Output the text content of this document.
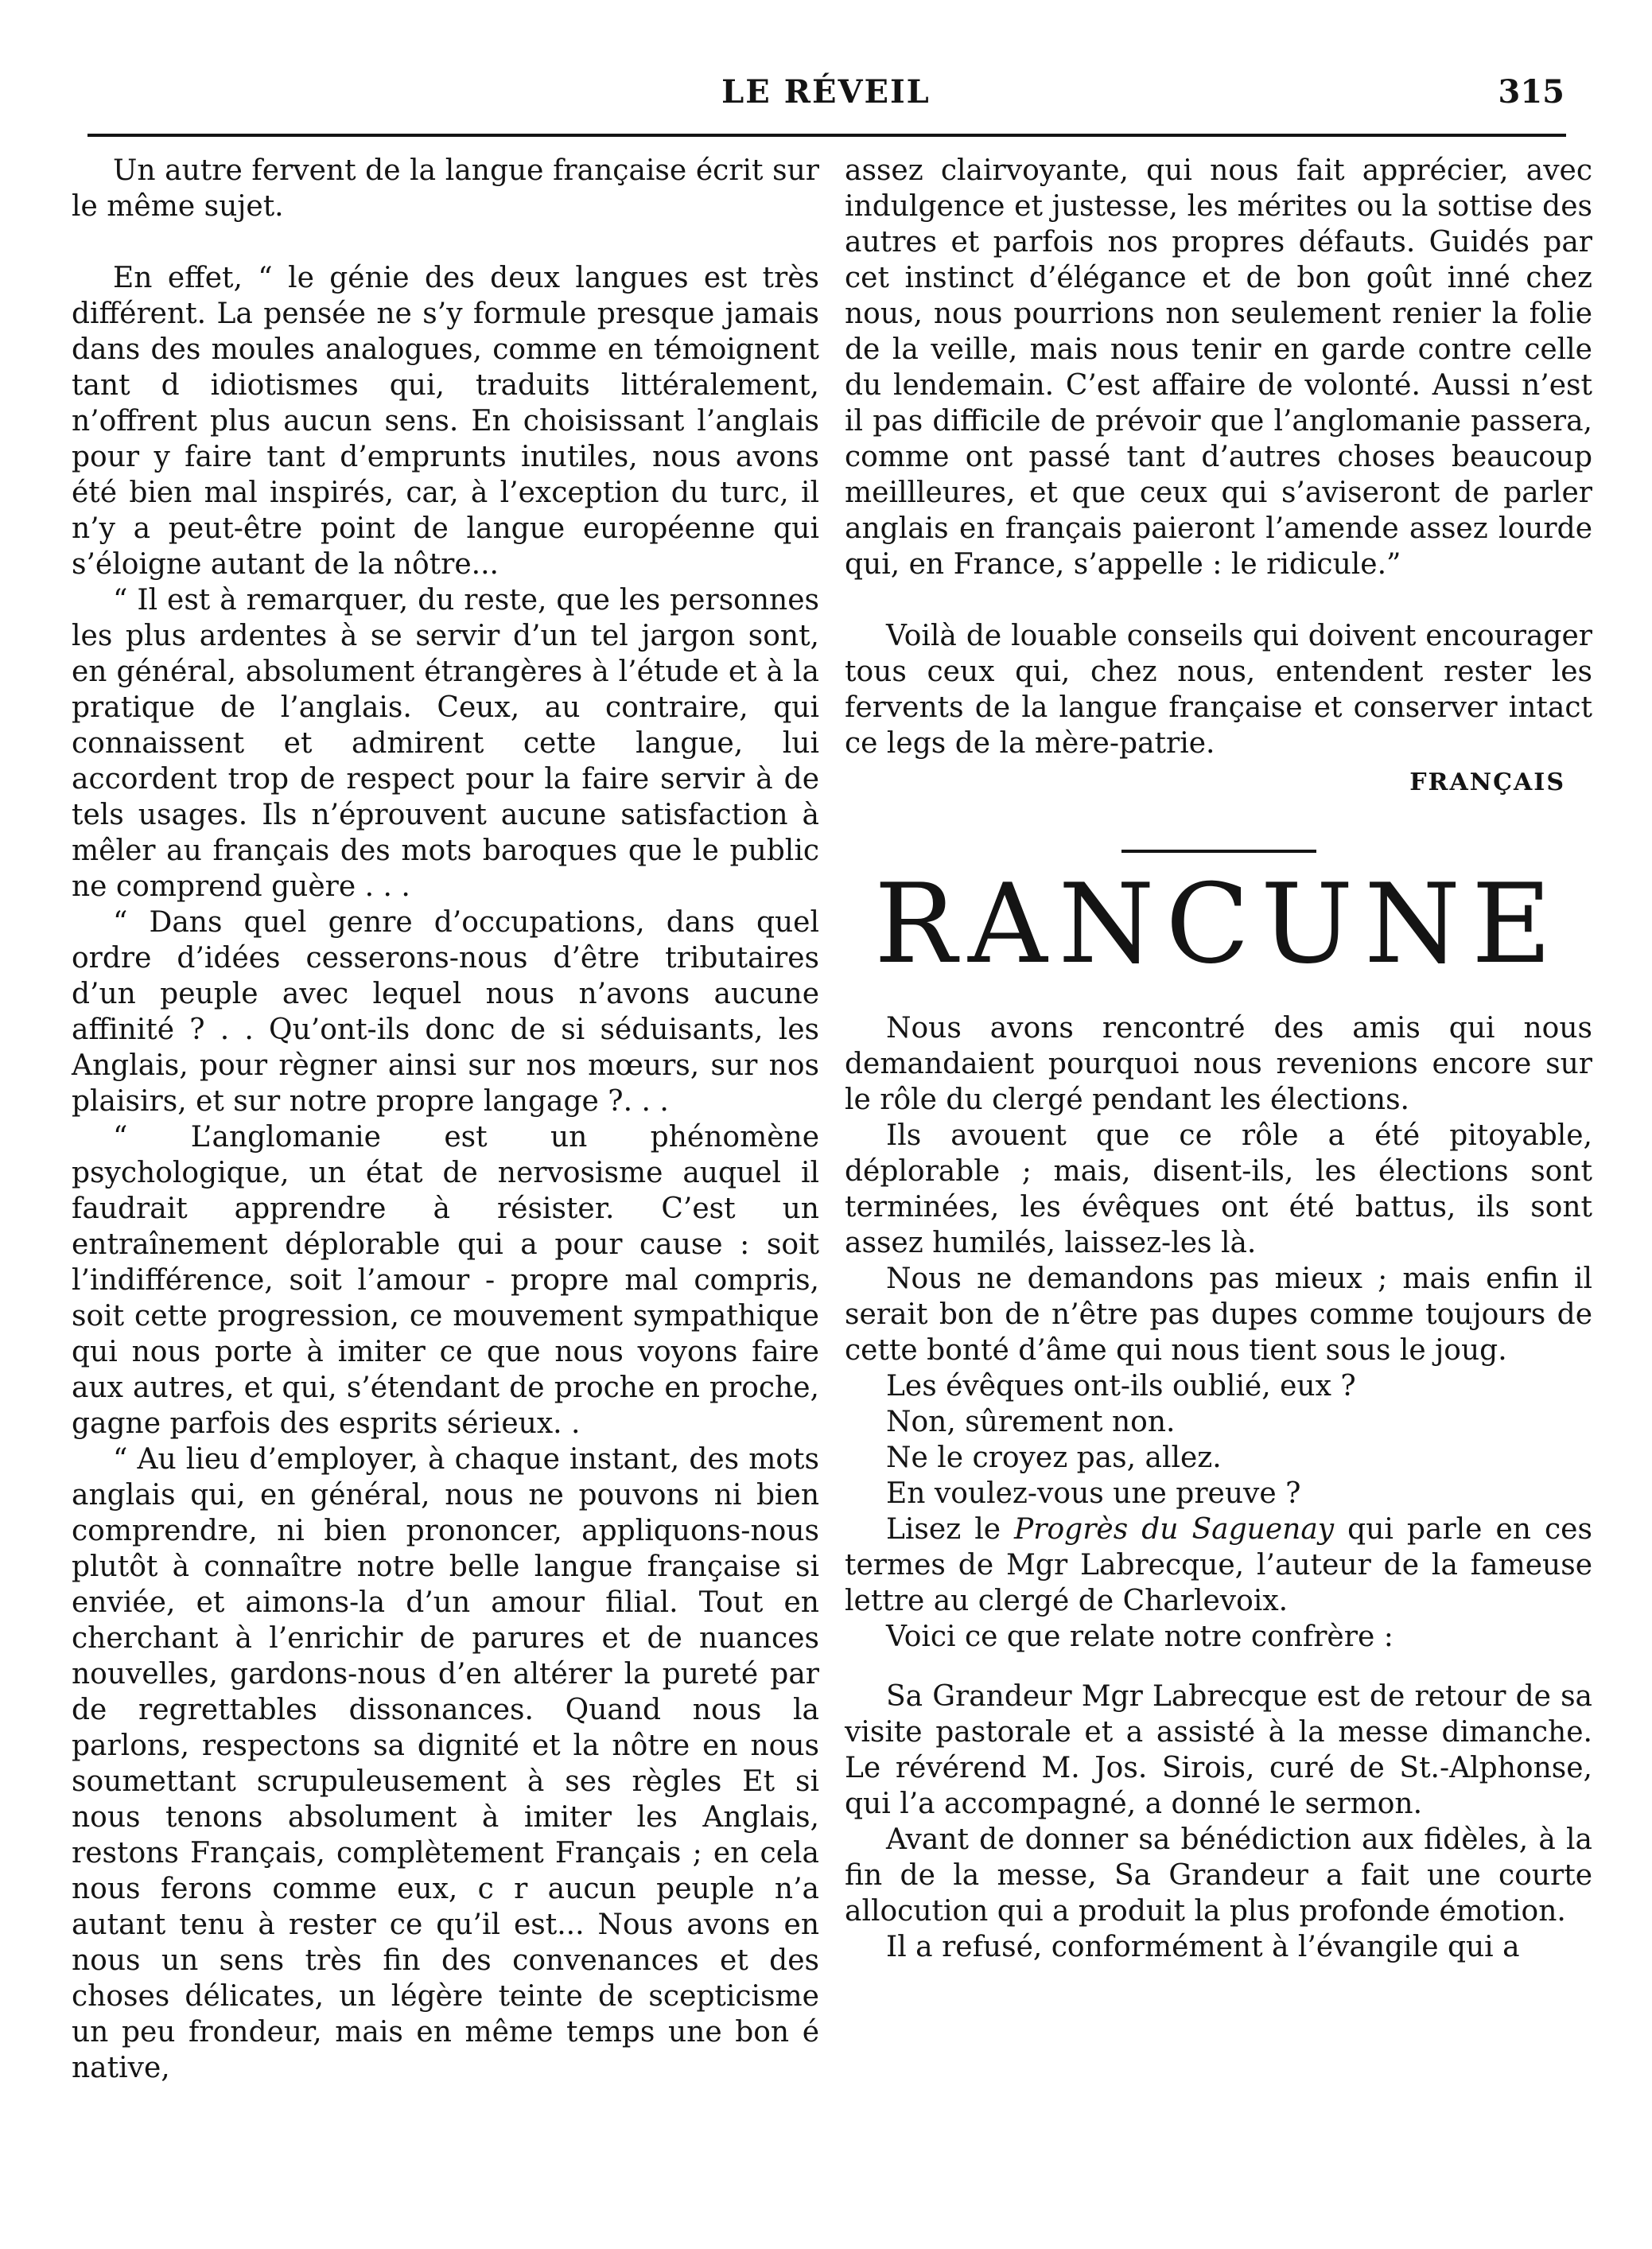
LE RÉVEIL	315

Un autre fervent de la langue française écrit sur le même sujet.

En effet, “ le génie des deux langues est très différent. La pensée ne s’y formule presque jamais dans des moules analogues, comme en témoignent tant d idiotismes qui, traduits littéralement, n’offrent plus aucun sens. En choisissant l’anglais pour y faire tant d’emprunts inutiles, nous avons été bien mal inspirés, car, à l’exception du turc, il n’y a peut-être point de langue européenne qui s’éloigne autant de la nôtre...

“ Il est à remarquer, du reste, que les personnes les plus ardentes à se servir d’un tel jargon sont, en général, absolument étrangères à l’étude et à la pratique de l’anglais. Ceux, au contraire, qui connaissent et admirent cette langue, lui accordent trop de respect pour la faire servir à de tels usages. Ils n’éprouvent aucune satisfaction à mêler au français des mots baroques que le public ne comprend guère . . .

“ Dans quel genre d’occupations, dans quel ordre d’idées cesserons-nous d’être tributaires d’un peuple avec lequel nous n’avons aucune affinité ? . . Qu’ont-ils donc de si séduisants, les Anglais, pour règner ainsi sur nos mœurs, sur nos plaisirs, et sur notre propre langage ?. . .

“ L’anglomanie est un phénomène psychologique, un état de nervosisme auquel il faudrait apprendre à résister. C’est un entraînement déplorable qui a pour cause : soit l’indifférence, soit l’amour - propre mal compris, soit cette progression, ce mouvement sympathique qui nous porte à imiter ce que nous voyons faire aux autres, et qui, s’étendant de proche en proche, gagne parfois des esprits sérieux. .

“ Au lieu d’employer, à chaque instant, des mots anglais qui, en général, nous ne pouvons ni bien comprendre, ni bien prononcer, appliquons-nous plutôt à connaître notre belle langue française si enviée, et aimons-la d’un amour filial. Tout en cherchant à l’enrichir de parures et de nuances nouvelles, gardons-nous d’en altérer la pureté par de regrettables dissonances. Quand nous la parlons, respectons sa dignité et la nôtre en nous soumettant scrupuleusement à ses règles Et si nous tenons absolument à imiter les Anglais, restons Français, complètement Français ; en cela nous ferons comme eux, c r aucun peuple n’a autant tenu à rester ce qu’il est... Nous avons en nous un sens très fin des convenances et des choses délicates, un légère teinte de scepticisme un peu frondeur, mais en même temps une bon é native,

assez clairvoyante, qui nous fait apprécier, avec indulgence et justesse, les mérites ou la sottise des autres et parfois nos propres défauts. Guidés par cet instinct d’élégance et de bon goût inné chez nous, nous pourrions non seulement renier la folie de la veille, mais nous tenir en garde contre celle du lendemain. C’est affaire de volonté. Aussi n’est il pas difficile de prévoir que l’anglomanie passera, comme ont passé tant d’autres choses beaucoup meillleures, et que ceux qui s’aviseront de parler anglais en français paieront l’amende assez lourde qui, en France, s’appelle : le ridicule.”

Voilà de louable conseils qui doivent encourager tous ceux qui, chez nous, entendent rester les fervents de la langue française et conserver intact ce legs de la mère-patrie.

FRANÇAIS
RANCUNE

Nous avons rencontré des amis qui nous demandaient pourquoi nous revenions encore sur le rôle du clergé pendant les élections.

Ils avouent que ce rôle a été pitoyable, déplorable ; mais, disent-ils, les élections sont terminées, les évêques ont été battus, ils sont assez humilés, laissez-les là.

Nous ne demandons pas mieux ; mais enfin il serait bon de n’être pas dupes comme toujours de cette bonté d’âme qui nous tient sous le joug.

Les évêques ont-ils oublié, eux ?

Non, sûrement non.

Ne le croyez pas, allez.

En voulez-vous une preuve ?

Lisez le Progrès du Saguenay qui parle en ces termes de Mgr Labrecque, l’auteur de la fameuse lettre au clergé de Charlevoix.

Voici ce que relate notre confrère :

Sa Grandeur Mgr Labrecque est de retour de sa visite pastorale et a assisté à la messe dimanche. Le révérend M. Jos. Sirois, curé de St.-Alphonse, qui l’a accompagné, a donné le sermon.

Avant de donner sa bénédiction aux fidèles, à la fin de la messe, Sa Grandeur a fait une courte allocution qui a produit la plus profonde émotion.

Il a refusé, conformément à l’évangile qui a
